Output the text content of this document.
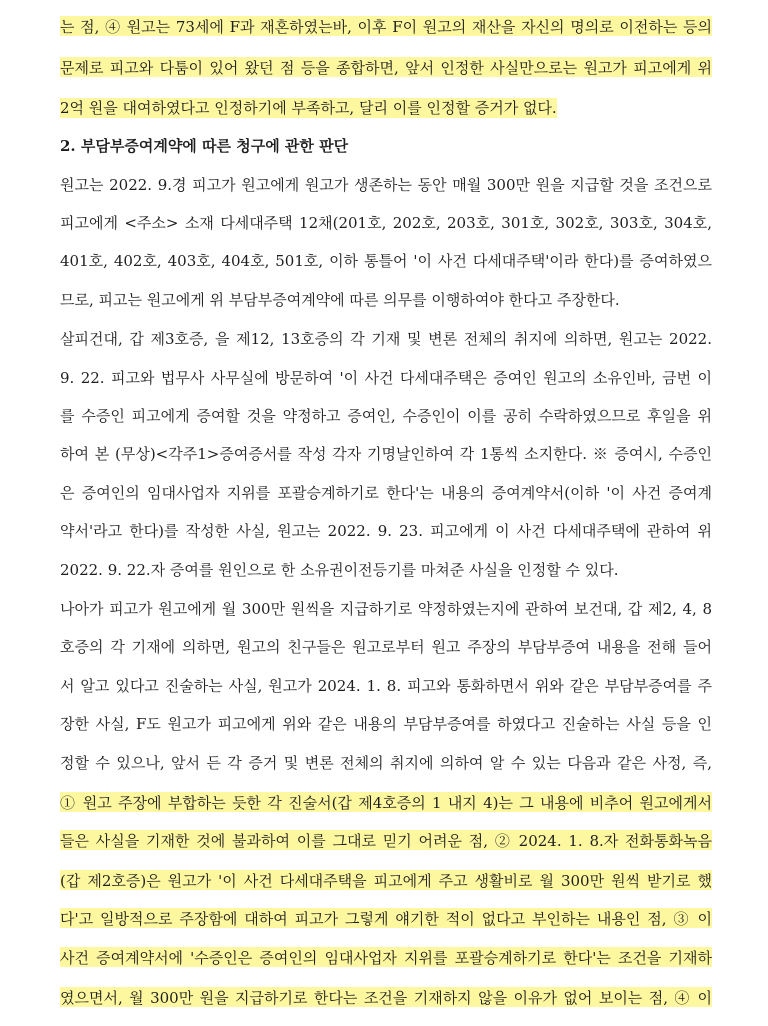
는 점, ④ 원고는 73세에 F과 재혼하였는바, 이후 F이 원고의 재산을 자신의 명의로 이전하는 등의
문제로 피고와 다툼이 있어 왔던 점 등을 종합하면, 앞서 인정한 사실만으로는 원고가 피고에게 위
2억 원을 대여하였다고 인정하기에 부족하고, 달리 이를 인정할 증거가 없다.
2. 부담부증여계약에 따른 청구에 관한 판단
원고는 2022. 9.경 피고가 원고에게 원고가 생존하는 동안 매월 300만 원을 지급할 것을 조건으로
피고에게 <주소> 소재 다세대주택 12채(201호, 202호, 203호, 301호, 302호, 303호, 304호,
401호, 402호, 403호, 404호, 501호, 이하 통틀어 '이 사건 다세대주택'이라 한다)를 증여하였으
므로, 피고는 원고에게 위 부담부증여계약에 따른 의무를 이행하여야 한다고 주장한다.
살피건대, 갑 제3호증, 을 제12, 13호증의 각 기재 및 변론 전체의 취지에 의하면, 원고는 2022.
9. 22. 피고와 법무사 사무실에 방문하여 '이 사건 다세대주택은 증여인 원고의 소유인바, 금번 이
를 수증인 피고에게 증여할 것을 약정하고 증여인, 수증인이 이를 공히 수락하였으므로 후일을 위
하여 본 (무상)<각주1>증여증서를 작성 각자 기명날인하여 각 1통씩 소지한다. ※ 증여시, 수증인
은 증여인의 임대사업자 지위를 포괄승계하기로 한다'는 내용의 증여계약서(이하 '이 사건 증여계
약서'라고 한다)를 작성한 사실, 원고는 2022. 9. 23. 피고에게 이 사건 다세대주택에 관하여 위
2022. 9. 22.자 증여를 원인으로 한 소유권이전등기를 마쳐준 사실을 인정할 수 있다.
나아가 피고가 원고에게 월 300만 원씩을 지급하기로 약정하였는지에 관하여 보건대, 갑 제2, 4, 8
호증의 각 기재에 의하면, 원고의 친구들은 원고로부터 원고 주장의 부담부증여 내용을 전해 들어
서 알고 있다고 진술하는 사실, 원고가 2024. 1. 8. 피고와 통화하면서 위와 같은 부담부증여를 주
장한 사실, F도 원고가 피고에게 위와 같은 내용의 부담부증여를 하였다고 진술하는 사실 등을 인
정할 수 있으나, 앞서 든 각 증거 및 변론 전체의 취지에 의하여 알 수 있는 다음과 같은 사정, 즉,
① 원고 주장에 부합하는 듯한 각 진술서(갑 제4호증의 1 내지 4)는 그 내용에 비추어 원고에게서
들은 사실을 기재한 것에 불과하여 이를 그대로 믿기 어려운 점, ② 2024. 1. 8.자 전화통화녹음
(갑 제2호증)은 원고가 '이 사건 다세대주택을 피고에게 주고 생활비로 월 300만 원씩 받기로 했
다'고 일방적으로 주장함에 대하여 피고가 그렇게 얘기한 적이 없다고 부인하는 내용인 점, ③ 이
사건 증여계약서에 '수증인은 증여인의 임대사업자 지위를 포괄승계하기로 한다'는 조건을 기재하
였으면서, 월 300만 원을 지급하기로 한다는 조건을 기재하지 않을 이유가 없어 보이는 점, ④ 이
